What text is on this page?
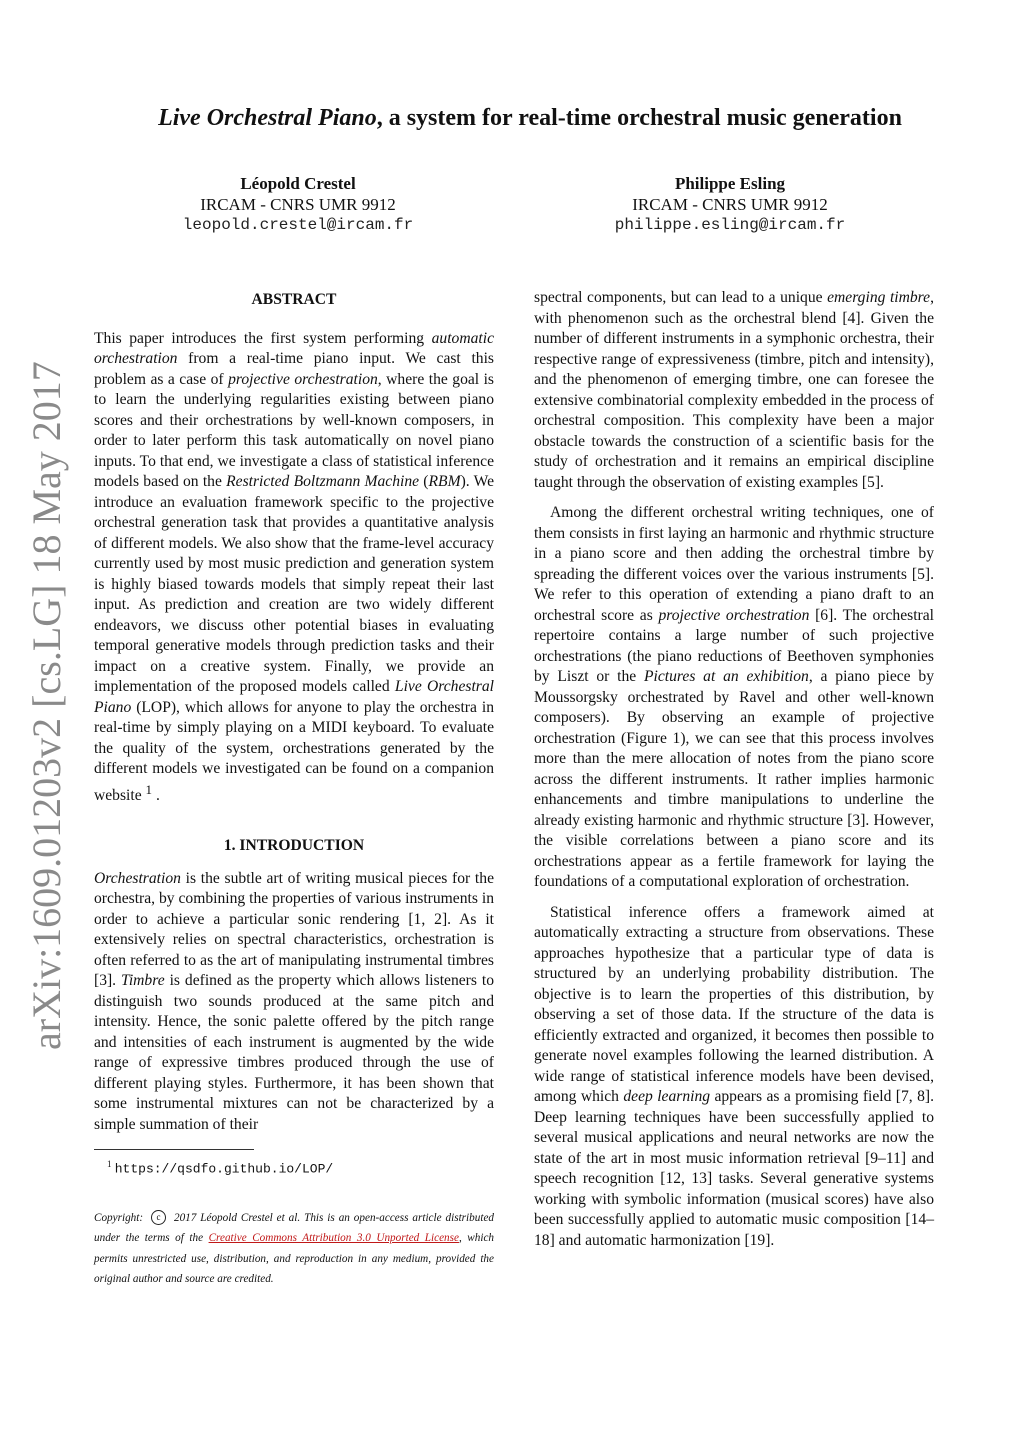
arXiv:1609.01203v2 [cs.LG] 18 May 2017
Live Orchestral Piano, a system for real-time orchestral music generation
Léopold Crestel
IRCAM - CNRS UMR 9912
leopold.crestel@ircam.fr
Philippe Esling
IRCAM - CNRS UMR 9912
philippe.esling@ircam.fr
ABSTRACT

This paper introduces the first system performing automatic orchestration from a real-time piano input. We cast this problem as a case of projective orchestration, where the goal is to learn the underlying regularities existing between piano scores and their orchestrations by well-known composers, in order to later perform this task automatically on novel piano inputs. To that end, we investigate a class of statistical inference models based on the Restricted Boltzmann Machine (RBM). We introduce an evaluation framework specific to the projective orchestral generation task that provides a quantitative analysis of different models. We also show that the frame-level accuracy currently used by most music prediction and generation system is highly biased towards models that simply repeat their last input. As prediction and creation are two widely different endeavors, we discuss other potential biases in evaluating temporal generative models through prediction tasks and their impact on a creative system. Finally, we provide an implementation of the proposed models called Live Orchestral Piano (LOP), which allows for anyone to play the orchestra in real-time by simply playing on a MIDI keyboard. To evaluate the quality of the system, orchestrations generated by the different models we investigated can be found on a companion website $^1$ .

1. INTRODUCTION

Orchestration is the subtle art of writing musical pieces for the orchestra, by combining the properties of various instruments in order to achieve a particular sonic rendering [1, 2]. As it extensively relies on spectral characteristics, orchestration is often referred to as the art of manipulating instrumental timbres [3]. Timbre is defined as the property which allows listeners to distinguish two sounds produced at the same pitch and intensity. Hence, the sonic palette offered by the pitch range and intensities of each instrument is augmented by the wide range of expressive timbres produced through the use of different playing styles. Furthermore, it has been shown that some instrumental mixtures can not be characterized by a simple summation of their

$^1$ https://qsdfo.github.io/LOP/

Copyright: c 2017 Léopold Crestel et al. This is an open-access article distributed under the terms of the Creative Commons Attribution 3.0 Unported License, which permits unrestricted use, distribution, and reproduction in any medium, provided the original author and source are credited.

spectral components, but can lead to a unique emerging timbre, with phenomenon such as the orchestral blend [4]. Given the number of different instruments in a symphonic orchestra, their respective range of expressiveness (timbre, pitch and intensity), and the phenomenon of emerging timbre, one can foresee the extensive combinatorial complexity embedded in the process of orchestral composition. This complexity have been a major obstacle towards the construction of a scientific basis for the study of orchestration and it remains an empirical discipline taught through the observation of existing examples [5].

Among the different orchestral writing techniques, one of them consists in first laying an harmonic and rhythmic structure in a piano score and then adding the orchestral timbre by spreading the different voices over the various instruments [5]. We refer to this operation of extending a piano draft to an orchestral score as projective orchestration [6]. The orchestral repertoire contains a large number of such projective orchestrations (the piano reductions of Beethoven symphonies by Liszt or the Pictures at an exhibition, a piano piece by Moussorgsky orchestrated by Ravel and other well-known composers). By observing an example of projective orchestration (Figure 1), we can see that this process involves more than the mere allocation of notes from the piano score across the different instruments. It rather implies harmonic enhancements and timbre manipulations to underline the already existing harmonic and rhythmic structure [3]. However, the visible correlations between a piano score and its orchestrations appear as a fertile framework for laying the foundations of a computational exploration of orchestration.

Statistical inference offers a framework aimed at automatically extracting a structure from observations. These approaches hypothesize that a particular type of data is structured by an underlying probability distribution. The objective is to learn the properties of this distribution, by observing a set of those data. If the structure of the data is efficiently extracted and organized, it becomes then possible to generate novel examples following the learned distribution. A wide range of statistical inference models have been devised, among which deep learning appears as a promising field [7, 8]. Deep learning techniques have been successfully applied to several musical applications and neural networks are now the state of the art in most music information retrieval [9–11] and speech recognition [12, 13] tasks. Several generative systems working with symbolic information (musical scores) have also been successfully applied to automatic music composition [14–18] and automatic harmonization [19].
